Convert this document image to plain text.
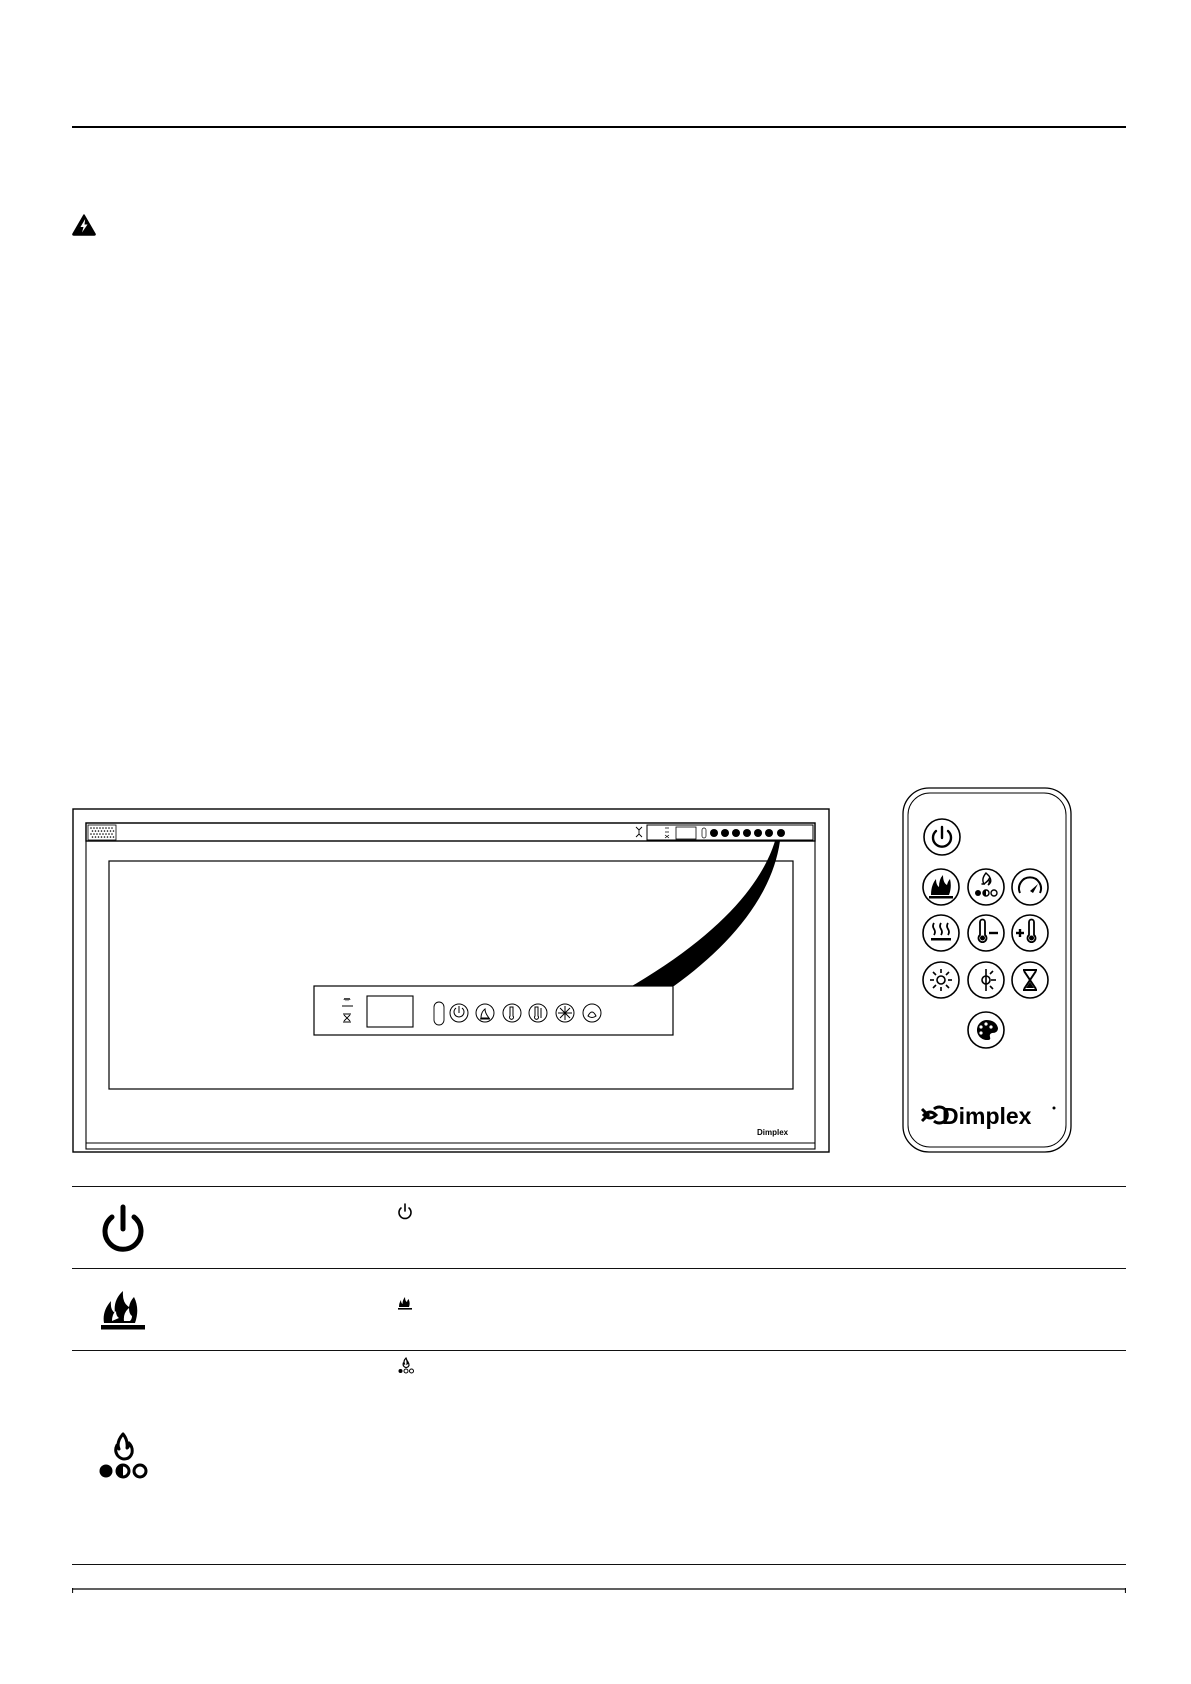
Dimplex
Dimplex
